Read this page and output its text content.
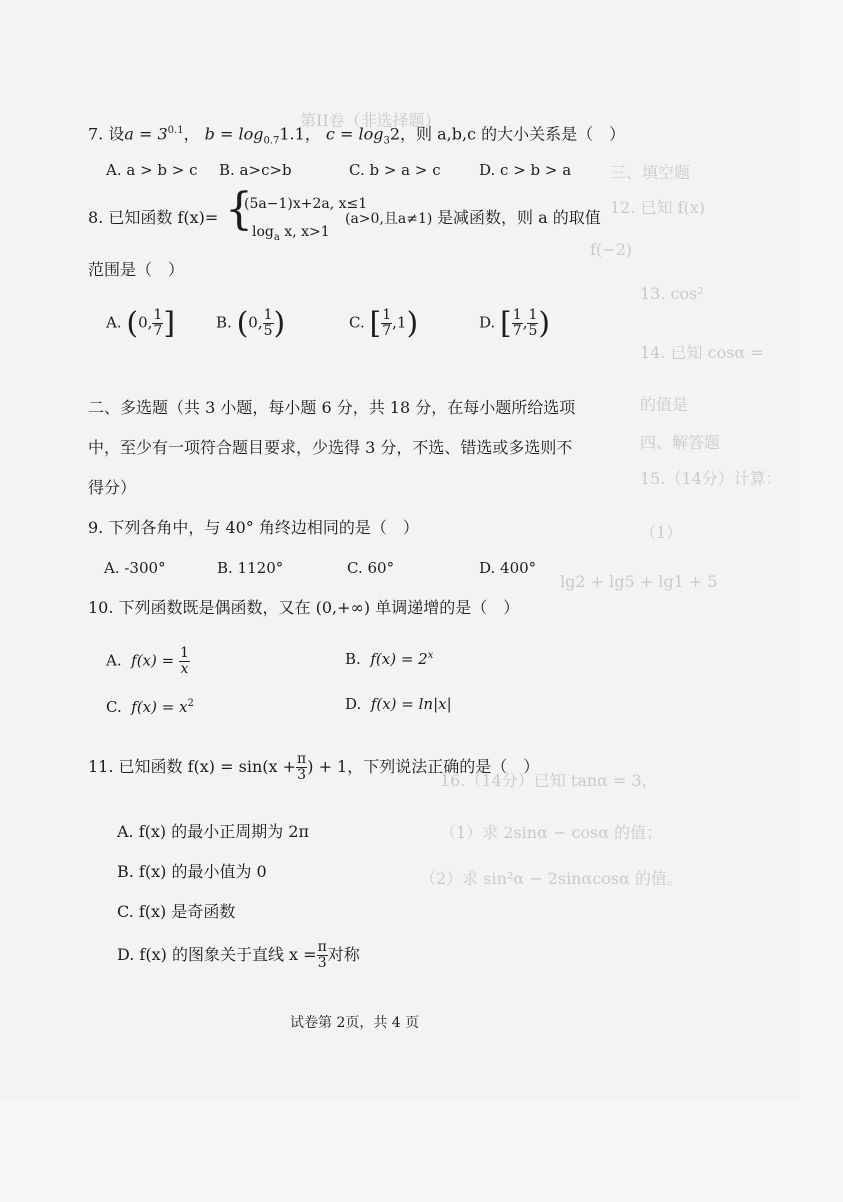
第II卷（非选择题）
f(−2)
13. cos²
14. 已知 cosα =
的值是
四、解答题
15.（14分）计算：
（1）
lg2 + lg5 + lg1 + 5
16.（14分）已知 tanα = 3，
（1）求 2sinα − cosα 的值；
（2）求 sin²α − 2sinαcosα 的值。
三、填空题
12. 已知 f(x)
7. 设$a = 3^{0.1}$， $b = \log_{0.7}1.1$， $c = \log_32$，则 a,b,c 的大小关系是（　）
A. a > b > c B. a>c>b	C. b > a > c	D. c > b > a
8. 已知函数 f(x)= {
(5a−1)x+2a, x≤1
$\log_a x$, x>1
(a>0,且a≠1) 是减函数，则 a 的取值
范围是（　）
A. (0, $\frac{1}{7}$ ]	B. (0, $\frac{1}{5}$ )	C. [ $\frac{1}{7} ,1$)	D. [ $\frac{1}{7}$ , $\frac{1}{5}$ )
二、多选题（共 3 小题，每小题 6 分，共 18 分，在每小题所给选项
中，至少有一项符合题目要求，少选得 3 分，不选、错选或多选则不
得分）
9. 下列各角中，与 40° 角终边相同的是（　）
A. -300°	B. 1120°	C. 60°	D. 400°
10. 下列函数既是偶函数，又在 (0,+∞) 单调递增的是（　）
A. $f(x) = \frac{1}{x}$	B. $f(x) = 2^x$
C. $f(x) = x^2$	D. f(x) = ln|x|
11. 已知函数 $f(x) = \sin(x + \frac{\pi}{3}$ ) + 1，下列说法正确的是（　）
A. f(x) 的最小正周期为 2π
B. f(x) 的最小值为 0
C. f(x) 是奇函数
D. f(x) 的图象关于直线 $x = \frac{\pi}{3}$ 对称
试卷第 2页，共 4 页
